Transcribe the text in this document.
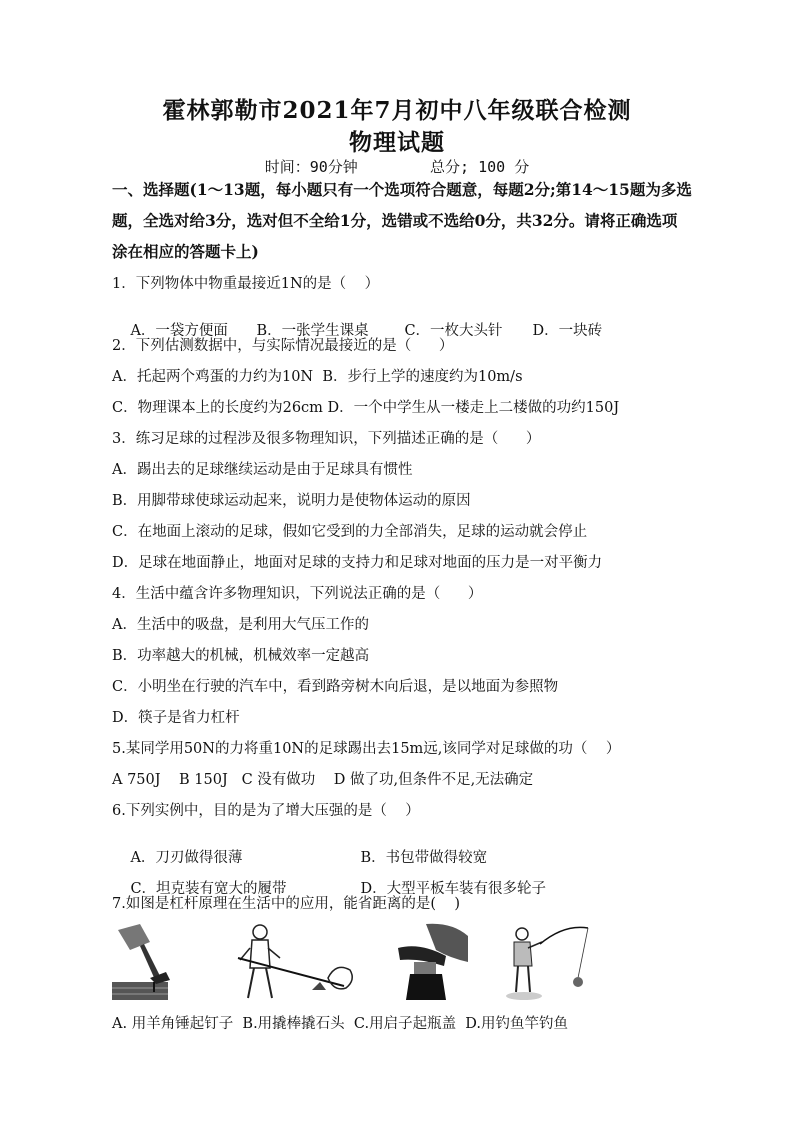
霍林郭勒市2021年7月初中八年级联合检测
物理试题
时间：90分钟        总分; 100 分
一、选择题(1～13题，每小题只有一个选项符合题意，每题2分;第14～15题为多选题，全选对给3分，选对但不全给1分，选错或不选给0分，共32分。请将正确选项涂在相应的答题卡上)
1．下列物体中物重最接近1N的是（    ）

A．一袋方便面 B．一张学生课桌 C．一枚大头针 D．一块砖

2．下列估测数据中，与实际情况最接近的是（      ）
A．托起两个鸡蛋的力约为10N  B．步行上学的速度约为10m/s
C．物理课本上的长度约为26cm D．一个中学生从一楼走上二楼做的功约150J
3．练习足球的过程涉及很多物理知识，下列描述正确的是（      ）
A．踢出去的足球继续运动是由于足球具有惯性
B．用脚带球使球运动起来，说明力是使物体运动的原因
C．在地面上滚动的足球，假如它受到的力全部消失，足球的运动就会停止
D．足球在地面静止，地面对足球的支持力和足球对地面的压力是一对平衡力
4．生活中蕴含许多物理知识，下列说法正确的是（      ）
A．生活中的吸盘，是利用大气压工作的
B．功率越大的机械，机械效率一定越高
C．小明坐在行驶的汽车中，看到路旁树木向后退，是以地面为参照物
D．筷子是省力杠杆
5.某同学用50N的力将重10N的足球踢出去15m远,该同学对足球做的功（    ）
A 750J    B 150J   C 没有做功    D 做了功,但条件不足,无法确定
6.下列实例中，目的是为了增大压强的是（    ）

A．刀刃做得很薄	B．书包带做得较宽

C．坦克装有宽大的履带	D．大型平板车装有很多轮子

7.如图是杠杆原理在生活中的应用，能省距离的是(    )
A. 用羊角锤起钉子  B.用撬棒撬石头  C.用启子起瓶盖  D.用钓鱼竿钓鱼
